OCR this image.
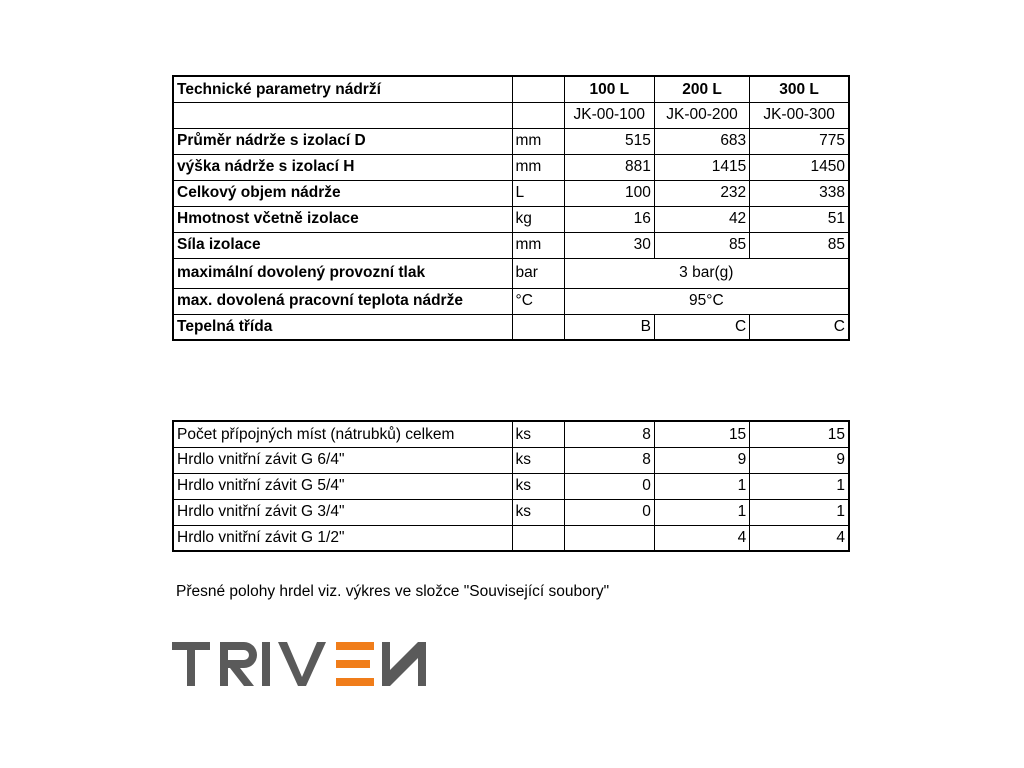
Technické parametry nádrží		100 L	200 L	300 L
		JK-00-100	JK-00-200	JK-00-300
Průměr nádrže s izolací D	mm	515	683	775
výška nádrže s izolací H	mm	881	1415	1450
Celkový objem nádrže	L	100	232	338
Hmotnost včetně izolace	kg	16	42	51
Síla izolace	mm	30	85	85
maximální dovolený provozní tlak	bar	3 bar(g)		
max. dovolená pracovní teplota nádrže	°C	95°C		
Tepelná třída		B	C	C
Počet přípojných míst (nátrubků) celkem	ks	8	15	15
Hrdlo vnitřní závit G 6/4"	ks	8	9	9
Hrdlo vnitřní závit G 5/4"	ks	0	1	1
Hrdlo vnitřní závit G 3/4"	ks	0	1	1
Hrdlo vnitřní závit G 1/2"			4	4
Přesné polohy hrdel viz. výkres ve složce "Související soubory"
